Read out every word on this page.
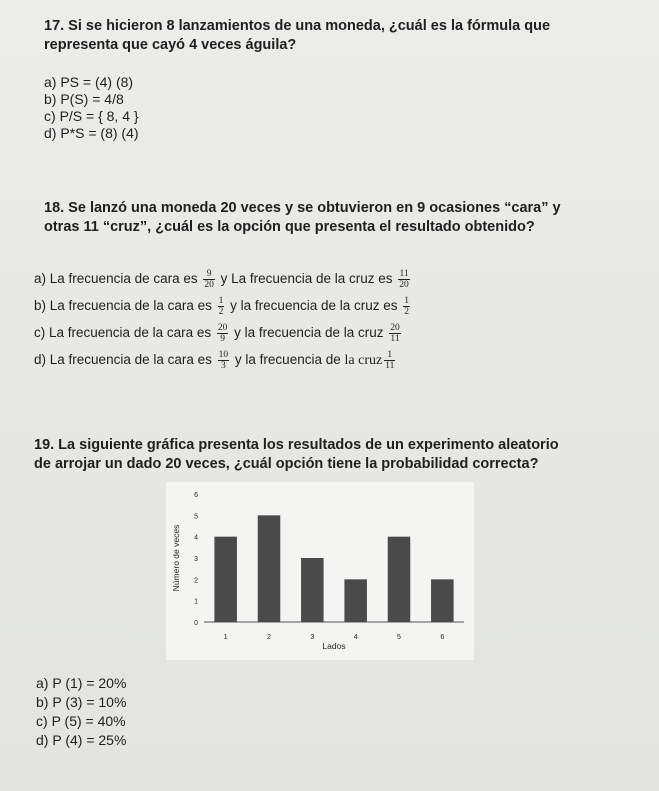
17. Si se hicieron 8 lanzamientos de una moneda, ¿cuál es la fórmula que
representa que cayó 4 veces águila?
a) PS = (4) (8)
b) P(S) = 4/8
c) P/S = { 8, 4 }
d) P*S = (8) (4)
18. Se lanzó una moneda 20 veces y se obtuvieron en 9 ocasiones “cara” y
otras 11 “cruz”, ¿cuál es la opción que presenta el resultado obtenido?
a) La frecuencia de cara es $\frac{9}{20}$ y La frecuencia de la cruz es $\frac{11}{20}$
b) La frecuencia de la cara es $\frac{1}{2}$ y la frecuencia de la cruz es $\frac{1}{2}$
c) La frecuencia de la cara es $\frac{20}{9}$ y la frecuencia de la cruz $\frac{20}{11}$
d) La frecuencia de la cara es $\frac{10}{3}$ y la frecuencia de la cruz $\frac{1}{11}$
19. La siguiente gráfica presenta los resultados de un experimento aleatorio
de arrojar un dado 20 veces, ¿cuál opción tiene la probabilidad correcta?
0
1
2
3
4
5
6
1	2	3	4	5	6
Lados
Número de veces
a) P (1) = 20%
b) P (3) = 10%
c) P (5) = 40%
d) P (4) = 25%
